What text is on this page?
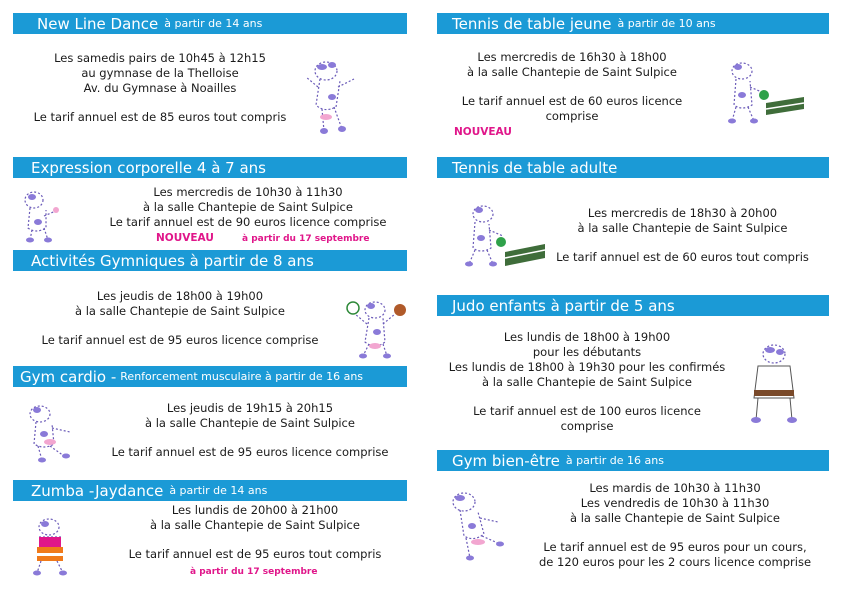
New Line Dance à partir de 14 ans
Les samedis pairs de 10h45 à 12h15
au gymnase de la Thelloise
Av. du Gymnase à Noailles
Le tarif annuel est de 85 euros tout compris
Expression corporelle 4 à 7 ans
Les mercredis de 10h30 à 11h30
à la salle Chantepie de Saint Sulpice
Le tarif annuel est de 90 euros licence comprise
NOUVEAU	à partir du 17 septembre
Activités Gymniques à partir de 8 ans
Les jeudis de 18h00 à 19h00
à la salle Chantepie de Saint Sulpice
Le tarif annuel est de 95 euros licence comprise
Gym cardio - Renforcement musculaire à partir de 16 ans
Les jeudis de 19h15 à 20h15
à la salle Chantepie de Saint Sulpice
Le tarif annuel est de 95 euros licence comprise
Zumba -Jaydance à partir de 14 ans
Les lundis de 20h00 à 21h00
à la salle Chantepie de Saint Sulpice
Le tarif annuel est de 95 euros tout compris
à partir du 17 septembre
Tennis de table jeune à partir de 10 ans
Les mercredis de 16h30 à 18h00
à la salle Chantepie de Saint Sulpice
Le tarif annuel est de 60 euros licence
comprise
NOUVEAU
Tennis de table adulte
Les mercredis de 18h30 à 20h00
à la salle Chantepie de Saint Sulpice
Le tarif annuel est de 60 euros tout compris
Judo enfants à partir de 5 ans
Les lundis de 18h00 à 19h00
pour les débutants
Les lundis de 18h00 à 19h30 pour les confirmés
à la salle Chantepie de Saint Sulpice
Le tarif annuel est de 100 euros licence
comprise
Gym bien-être à partir de 16 ans
Les mardis de 10h30 à 11h30
Les vendredis de 10h30 à 11h30
à la salle Chantepie de Saint Sulpice
Le tarif annuel est de 95 euros pour un cours,
de 120 euros pour les 2 cours licence comprise
